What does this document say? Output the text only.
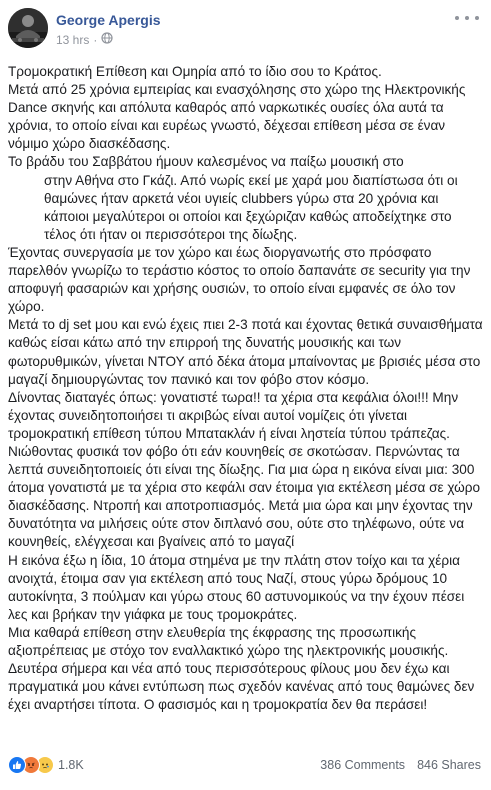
George Apergis
13 hrs ·

Τρομοκρατική Επίθεση και Ομηρία από το ίδιο σου το Κράτος.

Μετά από 25 χρόνια εμπειρίας και ενασχόλησης στο χώρο της Ηλεκτρονικής Dance σκηνής και απόλυτα καθαρός από ναρκωτικές ουσίες όλα αυτά τα χρόνια, το οποίο είναι και ευρέως γνωστό, δέχεσαι επίθεση μέσα σε έναν νόμιμο χώρο διασκέδασης.

Το βράδυ του Σαββάτου ήμουν καλεσμένος να παίξω μουσική στο

στην Αθήνα στο Γκάζι. Από νωρίς εκεί με χαρά μου διαπίστωσα ότι οι θαμώνες ήταν αρκετά νέοι υγιείς clubbers γύρω στα 20 χρόνια και κάποιοι μεγαλύτεροι οι οποίοι και ξεχώριζαν καθώς αποδείχτηκε στο τέλος ότι ήταν οι περισσότεροι της δίωξης.

Έχοντας συνεργασία με τον χώρο και έως διοργανωτής στο πρόσφατο παρελθόν γνωρίζω το τεράστιο κόστος το οποίο δαπανάτε σε security για την αποφυγή φασαριών και χρήσης ουσιών, το οποίο είναι εμφανές σε όλο τον χώρο.

Μετά το dj set μου και ενώ έχεις πιει 2-3 ποτά και έχοντας θετικά συναισθήματα καθώς είσαι κάτω από την επιρροή της δυνατής μουσικής και των φωτορυθμικών, γίνεται ΝΤΟΥ από δέκα άτομα μπαίνοντας με βρισιές μέσα στο μαγαζί δημιουργώντας τον πανικό και τον φόβο στον κόσμο.

Δίνοντας διαταγές όπως: γονατιστέ τωρα!! τα χέρια στα κεφάλια όλοι!!! Μην έχοντας συνειδητοποιήσει τι ακριβώς είναι αυτοί νομίζεις ότι γίνεται τρομοκρατική επίθεση τύπου Μπατακλάν ή είναι ληστεία τύπου τράπεζας.

Νιώθοντας φυσικά τον φόβο ότι εάν κουνηθείς σε σκοτώσαν. Περνώντας τα λεπτά συνειδητοποιείς ότι είναι της δίωξης. Για μια ώρα η εικόνα είναι μια: 300 άτομα γονατιστά με τα χέρια στο κεφάλι σαν έτοιμα για εκτέλεση μέσα σε χώρο διασκέδασης. Ντροπή και αποτροπιασμός. Μετά μια ώρα και μην έχοντας την δυνατότητα να μιλήσεις ούτε στον διπλανό σου, ούτε στο τηλέφωνο, ούτε να κουνηθείς, ελέγχεσαι και βγαίνεις από το μαγαζί

Η εικόνα έξω η ίδια, 10 άτομα στημένα με την πλάτη στον τοίχο και τα χέρια ανοιχτά, έτοιμα σαν για εκτέλεση από τους Ναζί, στους γύρω δρόμους 10 αυτοκίνητα, 3 πούλμαν και γύρω στους 60 αστυνομικούς να την έχουν πέσει λες και βρήκαν την γιάφκα με τους τρομοκράτες.

Μια καθαρά επίθεση στην ελευθερία της έκφρασης της προσωπικής αξιοπρέπειας με στόχο τον εναλλακτικό χώρο της ηλεκτρονικής μουσικής.

Δευτέρα σήμερα και νέα από τους περισσότερους φίλους μου δεν έχω και πραγματικά μου κάνει εντύπωση πως σχεδόν κανένας από τους θαμώνες δεν έχει αναρτήσει τίποτα. Ο φασισμός και η τρομοκρατία δεν θα περάσει!

1.8K	386 Comments 846 Shares
